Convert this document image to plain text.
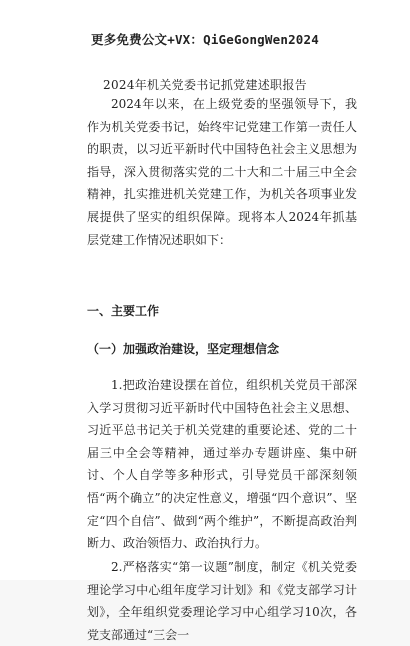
更多免费公文+VX：QiGeGongWen2024
2024年机关党委书记抓党建述职报告

2024年以来，在上级党委的坚强领导下，我作为机关党委书记，始终牢记党建工作第一责任人的职责，以习近平新时代中国特色社会主义思想为指导，深入贯彻落实党的二十大和二十届三中全会精神，扎实推进机关党建工作，为机关各项事业发展提供了坚实的组织保障。现将本人2024年抓基层党建工作情况述职如下：

一、主要工作
（一）加强政治建设，坚定理想信念

1.把政治建设摆在首位，组织机关党员干部深入学习贯彻习近平新时代中国特色社会主义思想、习近平总书记关于机关党建的重要论述、党的二十届三中全会等精神，通过举办专题讲座、集中研讨、个人自学等多种形式，引导党员干部深刻领悟“两个确立”的决定性意义，增强“四个意识”、坚定“四个自信”、做到“两个维护”，不断提高政治判断力、政治领悟力、政治执行力。

2.严格落实“第一议题”制度，制定《机关党委理论学习中心组年度学习计划》和《党支部学习计划》，全年组织党委理论学习中心组学习10次，各党支部通过“三会一
